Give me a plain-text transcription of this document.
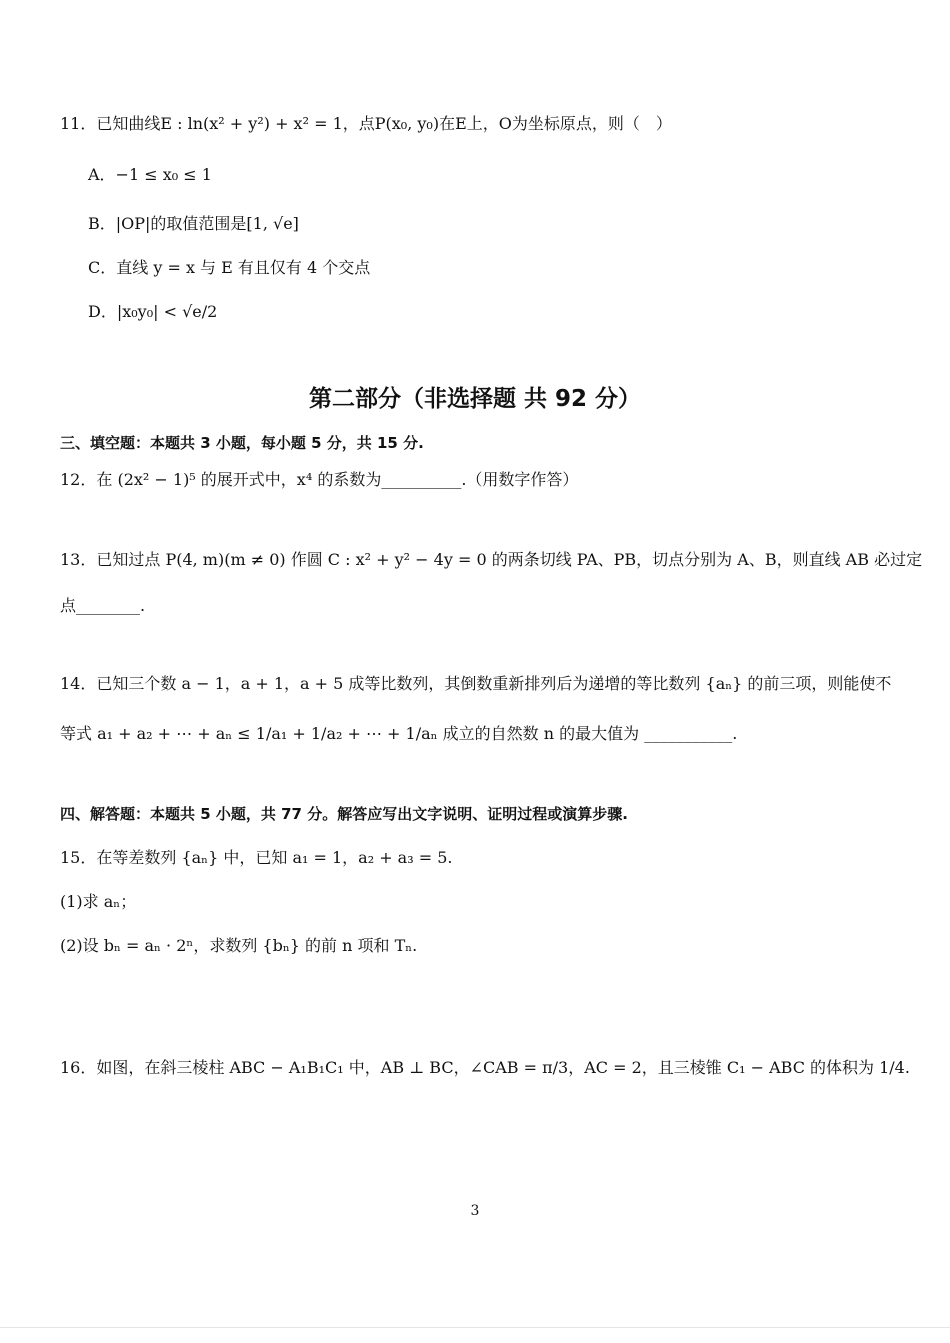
11．已知曲线E : ln(x² + y²) + x² = 1，点P(x₀, y₀)在E上，O为坐标原点，则（　）
A．−1 ≤ x₀ ≤ 1
B．|OP|的取值范围是[1, √e]
C．直线 y = x 与 E 有且仅有 4 个交点
D．|x₀y₀| < √e/2
第二部分（非选择题 共 92 分）
三、填空题：本题共 3 小题，每小题 5 分，共 15 分.
12．在 (2x² − 1)⁵ 的展开式中，x⁴ 的系数为__________.（用数字作答）
13．已知过点 P(4, m)(m ≠ 0) 作圆 C : x² + y² − 4y = 0 的两条切线 PA、PB，切点分别为 A、B，则直线 AB 必过定
点________.
14．已知三个数 a − 1，a + 1，a + 5 成等比数列，其倒数重新排列后为递增的等比数列 {aₙ} 的前三项，则能使不
等式 a₁ + a₂ + ⋯ + aₙ ≤ 1/a₁ + 1/a₂ + ⋯ + 1/aₙ 成立的自然数 n 的最大值为 ___________.
四、解答题：本题共 5 小题，共 77 分。解答应写出文字说明、证明过程或演算步骤.
15．在等差数列 {aₙ} 中，已知 a₁ = 1，a₂ + a₃ = 5.
(1)求 aₙ；
(2)设 bₙ = aₙ · 2ⁿ，求数列 {bₙ} 的前 n 项和 Tₙ.
16．如图，在斜三棱柱 ABC − A₁B₁C₁ 中，AB ⊥ BC，∠CAB = π/3，AC = 2，且三棱锥 C₁ − ABC 的体积为 1/4.
3
